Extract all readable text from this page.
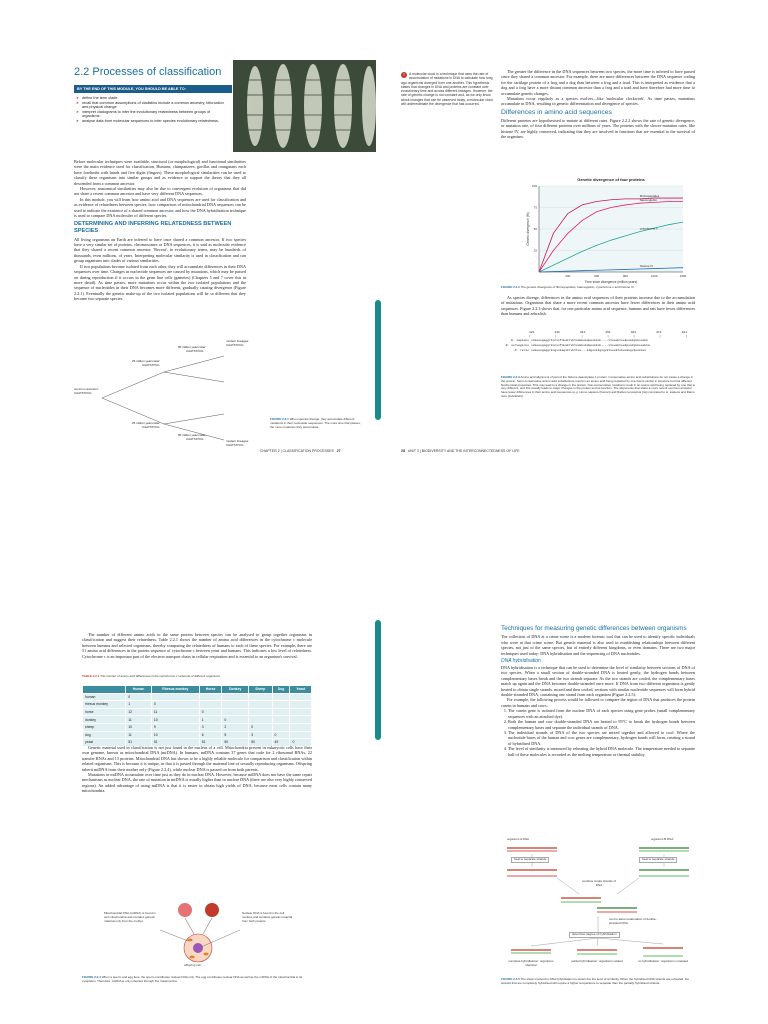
2.2 Processes of classification
BY THE END OF THIS MODULE, YOU SHOULD BE ABLE TO:
➤ define the term clade
➤ recall that common assumptions of cladistics include a common ancestry, bifurcation and physical change
➤ interpret cladograms to infer the evolutionary relatedness between groups of organisms
➤ analyse data from molecular sequences to infer species evolutionary relatedness.

Before molecular techniques were available, structural (or morphological) and functional similarities were the main evidence used for classification. Humans, chimpanzees, gorillas and orangutans each have forelimbs with hands and five digits (fingers). These morphological similarities can be used to classify these organisms into similar groups and as evidence to support the theory that they all descended from a common ancestor.

However, anatomical similarities may also be due to convergent evolution of organisms that did not share a recent common ancestor and have very different DNA sequences.

In this module, you will learn how amino acid and DNA sequences are used for classification and as evidence of relatedness between species, how comparison of mitochondrial DNA sequences can be used to indicate the existence of a shared common ancestor, and how the DNA hybridisation technique is used to compare DNA molecules of different species.

DETERMINING AND INFERRING RELATEDNESS BETWEEN SPECIES

All living organisms on Earth are inferred to have once shared a common ancestor. If two species have a very similar set of proteins, chromosomes or DNA sequences, it is said as molecular evidence that they shared a recent common ancestor. 'Recent', in evolutionary terms, may be hundreds of thousands, even millions, of years. Interpreting molecular similarity is used in classification and can group organisms into clades of various similarities.

If two populations become isolated from each other, they will accumulate differences in their DNA sequences over time. Changes in nucleotide sequences are caused by mutations, which may be passed on during reproduction if it occurs in the germ line cells (gametes) (Chapters 5 and 7 cover this in more detail). As time passes, more mutations occur within the two isolated populations and the sequence of nucleotides in their DNA becomes more different, gradually causing divergence (Figure 2.2.1). Eventually the genetic make-up of the two isolated populations will be so different that they become two separate species.

common ancestor:
CAATTATCG
25 million years later:
CAATTATCG
25 million years later:
CAATTATCG
50 million years later:
CAATTATCG
50 million years later:
CAATTATCG
modern lineages:
CAATTATCG
modern lineages:
CAATTATCG
FIGURE 2.2.1 When species diverge, they accumulate different mutations in their nucleotide sequences. The more time that passes, the more mutations they accumulate.
CHAPTER 2 | CLASSIFICATION PROCESSES 27
!	A molecular clock is a technique that uses the rate of accumulation of mutations in DNA to calculate how long ago organisms diverged from one another. This hypothesis states that changes in DNA and proteins are constant over evolutionary time and across different lineages. However, the rate of genetic change is not constant and, as we only know about changes that can be observed today, a molecular clock will underestimate the divergence that has occurred.

The greater the difference in the DNA sequences between two species, the more time is inferred to have passed since they shared a common ancestor. For example, there are more differences between the DNA sequence coding for the cartilage protein of a frog and a dog than between a frog and a toad. This is interpreted as evidence that a dog and a frog have a more distant common ancestor than a frog and a toad and have therefore had more time to accumulate genetic changes.

Mutations occur regularly as a species evolves—like 'molecular clockwork'. As time passes, mutations accumulate in DNA, resulting in genetic differentiation and divergence of species.

Differences in amino acid sequences

Different proteins are hypothesised to mutate at different rates. Figure 2.2.2 shows the rate of genetic divergence, or mutation rate, of four different proteins over millions of years. The proteins with the slower mutation rates, like histone IV, are highly conserved, indicating that they are involved in functions that are essential to the survival of the organism.

25
50
75
100
300	600	900	1200	1500
Genetic divergence of four proteins
Time since divergence (million years)
Genetic divergence (%)
fibrinopeptides
haemoglobin
cytochrome c
histone IV
FIGURE 2.2.2 The genetic divergence of fibrinopeptides, haemoglobin, cytochrome c and histone IV.

As species diverge, differences in the amino acid sequences of their proteins increase due to the accumulation of mutations. Organisms that share a more recent common ancestor have fewer differences in their amino acid sequences. Figure 2.2.3 shows that, for one particular amino acid sequence, humans and rats have fewer differences than humans and zebrafish.

421	431	441	451	461	471	481
|	|	|	|	|	|	|
H. sapiens sdseeegeggrkncsvfnkakrvktedekekdpeekkek----vteeekteekpeakgvkeeekk
R. norvegicus sdseeegeggrkncsvfnkakrvktedekekdpeekkek----vteeekteekpeakgvkeeekka
D. rerio sdseeegeggrkngsnkaqvkrvkttee---kdgeekkgegvkteeektekeeakgvkeekkev
FIGURE 2.2.3 Amino acid alignment of part of the histone deacetylase 1 protein. Conservative amino acid substitutions do not cause a change in the protein. Semi-conservative amino acid substitutions result in an amino acid being replaced by one that is similar in structure but has different biochemical properties. This may lead to a change in the protein. Non-conservative mutations result in an amino acid being replaced by one that is very different, and this usually leads to major changes in the protein and its function. The alignments that share a more recent common ancestor have fewer differences in their amino acid sequences (e.g. Homo sapiens (human) and Rattus norvegicus (rat) compared to H. sapiens and Danio rerio (zebrafish)).
28 UNIT 3 | BIODIVERSITY AND THE INTERCONNECTEDNESS OF LIFE

The number of different amino acids in the same protein between species can be analysed to group together organisms in classification and suggest their relatedness. Table 2.2.1 shows the number of amino acid differences in the cytochrome c molecule between humans and selected organisms, thereby comparing the relatedness of humans to each of these species. For example, there are 51 amino acid differences in the protein sequence of cytochrome c between yeast and humans. This indicates a low level of relatedness. Cytochrome c is an important part of the electron transport chain in cellular respiration and is essential to an organism's survival.

TABLE 2.2.1 The number of amino acid differences in the cytochrome c molecule of different organisms
	Human	Rhesus monkey	Horse	Donkey	Sheep	Dog	Yeast
human	0						
rhesus monkey	1	0					
horse	12	11	0				
donkey	11	10	1	0			
sheep	10	9	3	2	0		
dog	11	10	6	5	3	0	
yeast	51	51	51	50	50	49	0

Genetic material used in classification is not just found in the nucleus of a cell. Mitochondria present in eukaryotic cells have their own genome, known as mitochondrial DNA (mtDNA). In humans, mtDNA contains 37 genes that code for 2 ribosomal RNAs, 22 transfer RNAs and 13 proteins. Mitochondrial DNA has shown to be a highly reliable molecule for comparison and classification within related organisms. This is because it is unique, in that it is passed through the maternal line of sexually reproducing organisms. Offspring inherit mtDNA from their mother only (Figure 2.2.4), while nuclear DNA is passed on from both parents.

Mutations in mtDNA accumulate over time just as they do in nuclear DNA. However, because mtDNA does not have the same repair mechanisms as nuclear DNA, the rate of mutation in mtDNA is usually higher than in nuclear DNA (there are also very highly conserved regions). An added advantage of using mtDNA is that it is easier to obtain high yields of DNA, because most cells contain many mitochondria.

Mitochondrial DNA (mtDNA) is found in cell mitochondria and contains genetic material only from the mother.
Nuclear DNA is found in the cell nucleus and contains genetic material from both parents.
offspring cell
FIGURE 2.2.4 When a sperm and egg fuse, the sperm contributes nuclear DNA only. The egg contributes nuclear DNA as well as the mtDNA of the mitochondria in its cytoplasm. Therefore, mtDNA is only inherited through the maternal line.
Techniques for measuring genetic differences between organisms

The collection of DNA at a crime scene is a modern forensic tool that can be used to identify specific individuals who were at that crime scene. But genetic material is also used in establishing relationships between different species, not just of the same species, but of entirely different kingdoms, or even domains. There are two major techniques used today: DNA hybridisation and the sequencing of DNA nucleotides.

DNA hybridisation

DNA hybridisation is a technique that can be used to determine the level of similarity between sections of DNA of two species. When a small section of double-stranded DNA is heated gently, the hydrogen bonds between complementary bases break and the two strands separate. As the two strands are cooled, the complementary bases match up again and the DNA becomes double-stranded once more. If DNA from two different organisms is gently heated to obtain single strands, mixed and then cooled, sections with similar nucleotide sequences will form hybrid double-stranded DNA, containing one strand from each organism (Figure 2.2.5).

For example, the following process would be followed to compare the region of DNA that produces the protein casein in humans and cows:

1. The casein gene is isolated from the nuclear DNA of each species using gene probes (small complementary sequences with an attached dye).
2. Both the human and cow double-stranded DNA are heated to 95°C to break the hydrogen bonds between complementary bases and separate the individual strands of DNA.
3. The individual strands of DNA of the two species are mixed together and allowed to cool. Where the nucleotide bases of the human and cow genes are complementary, hydrogen bonds will form, creating a strand of hybridised DNA.
4. The level of similarity is measured by reheating the hybrid DNA molecule. The temperature needed to separate half of these molecules is recorded as the melting temperature or thermal stability.
organism A DNA	organism B DNA
heat to separate strands	heat to separate strands
combine single strands of DNA
cool to allow renaturation of double-stranded DNA
determine degree of hybridisation
complete hybridisation: organisms identical
partial hybridisation: organisms related	no hybridisation: organisms unrelated
FIGURE 2.2.5 The steps involved in DNA hybridisation to determine the level of similarity. When the hybridised DNA strands are reheated, the strands that are completely hybridised will require a higher temperature to separate than the partially hybridised strands.
